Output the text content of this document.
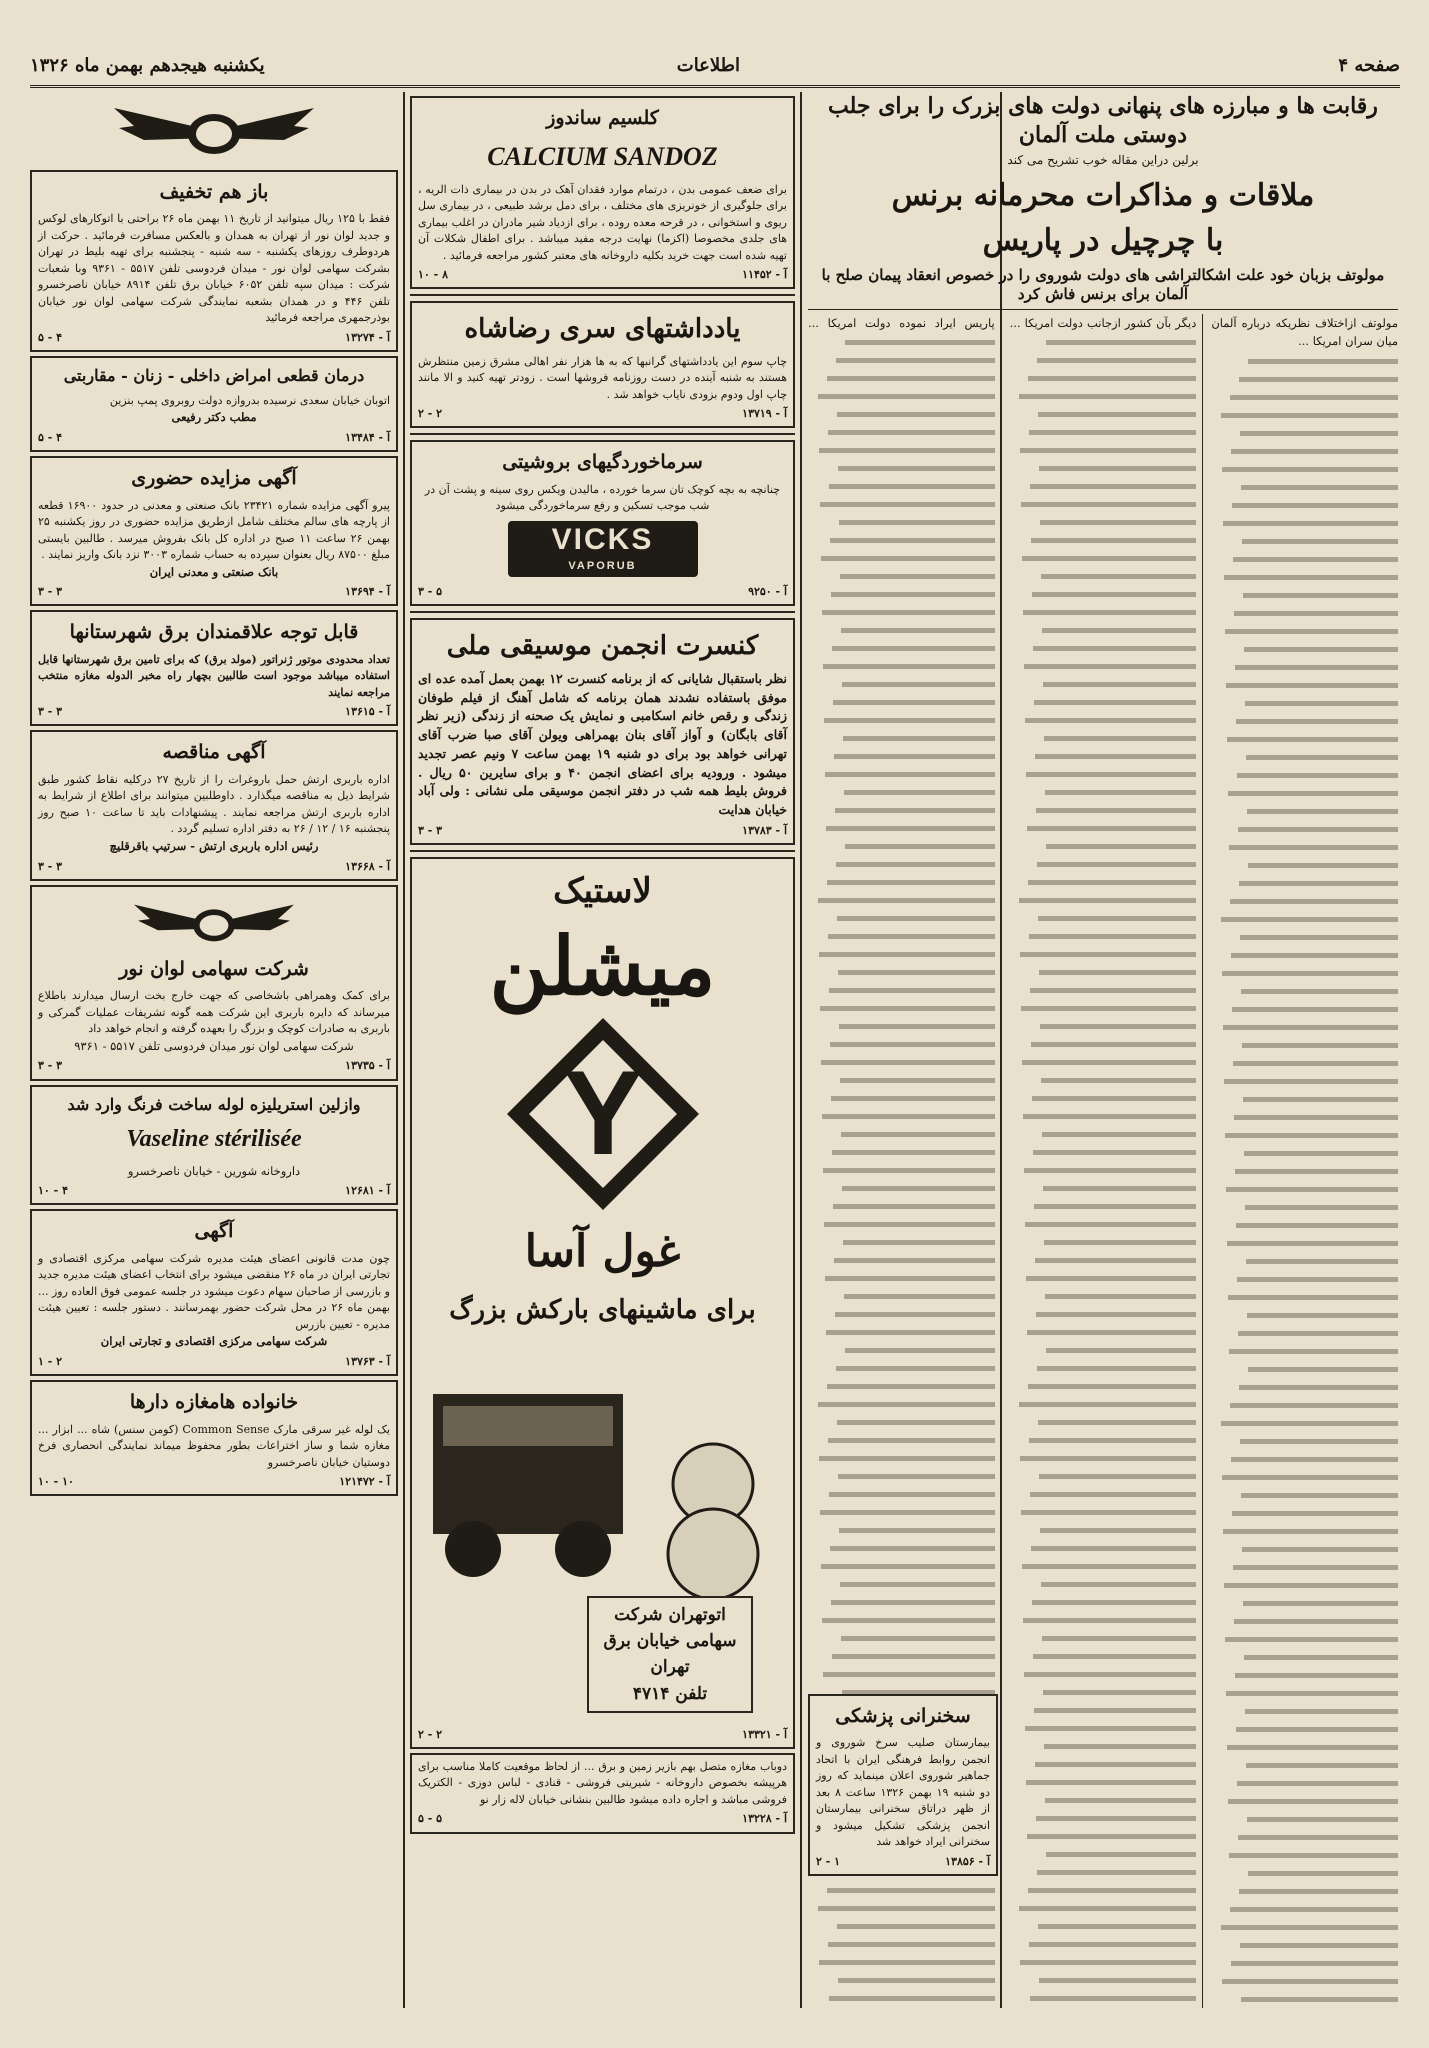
صفحه ۴
اطلاعات
یکشنبه هیجدهم بهمن ماه ۱۳۲۶
رقابت ها و مبارزه های پنهانی دولت های بزرک را برای جلب دوستی ملت آلمان
برلین دراین مقاله خوب تشریح می کند
ملاقات و مذاکرات محرمانه برنس
با چرچیل در پاریس
مولوتف بزبان خود علت اشکالتراشی های دولت شوروی را در خصوص انعقاد پیمان صلح با آلمان برای برنس فاش کرد
مولوتف ازاختلاف نظریکه درباره آلمان میان سران امریکا ...
دیگر بآن کشور ازجانب دولت امریکا ...
پاریس ایراد نموده دولت امریکا ...
کلسیم ساندوز
CALCIUM SANDOZ
برای ضعف عمومی بدن ، درتمام موارد فقدان آهک در بدن در بیماری ذات الریه ، برای جلوگیری از خونریزی های مختلف ، برای دمل برشد طبیعی ، در بیماری سل ریوی و استخوانی ، در قرحه معده روده ، برای ازدیاد شیر مادران در اغلب بیماری های جلدی مخصوصا (اکزما) نهایت درجه مفید میباشد . برای اطفال شکلات آن تهیه شده است جهت خرید بکلیه داروخانه های معتبر کشور مراجعه فرمائید .
آ - ۱۱۴۵۲
۸ - ۱۰
یادداشتهای سری رضاشاه
چاپ سوم این یادداشتهای گرانبها که به ها هزار نفر اهالی مشرق زمین منتظرش هستند به شنبه آینده در دست روزنامه فروشها است . زودتر تهیه کنید و الا مانند چاپ اول ودوم بزودی نایاب خواهد شد .
آ - ۱۳۷۱۹
۲ - ۲
سرماخوردگیهای بروشیتی
چنانچه به بچه کوچک تان سرما خورده ، مالیدن ویکس روی سینه و پشت آن در شب موجب تسکین و رفع سرماخوردگی میشود
VICKS
VAPORUB
آ - ۹۲۵۰
۵ - ۳
کنسرت انجمن موسیقی ملی
نظر باستقبال شایانی که از برنامه کنسرت ۱۲ بهمن بعمل آمده عده ای موفق باستفاده نشدند همان برنامه که شامل آهنگ از فیلم طوفان زندگی و رقص خانم اسکامبی و نمایش یک صحنه از زندگی (زیر نظر آقای بابگان) و آواز آقای بنان بهمراهی ویولن آقای صبا ضرب آقای تهرانی خواهد بود برای دو شنبه ۱۹ بهمن ساعت ۷ ونیم عصر تجدید میشود . ورودیه برای اعضای انجمن ۴۰ و برای سایرین ۵۰ ریال . فروش بلیط همه شب در دفتر انجمن موسیقی ملی نشانی : ولی آباد خیابان هدایت
آ - ۱۳۷۸۳
۳ - ۳
لاستیک
میشلن
Y
غول آسا
برای ماشینهای بارکش بزرگ
اتوتهران شرکت سهامی خیابان برق تهران
تلفن ۴۷۱۴
آ - ۱۳۳۲۱
۲ - ۲
دوباب مغازه متصل بهم بازیر زمین و برق ... از لحاظ موقعیت کاملا مناسب برای هرپیشه بخصوص داروخانه - شیرینی فروشی - قنادی - لباس دوزی - الکتریک فروشی مباشد و اجاره داده میشود طالبین بنشانی خیابان لاله زار نو
آ - ۱۳۲۲۸
۵ - ۵
سخنرانی پزشکی
بیمارستان صلیب سرخ شوروی و انجمن روابط فرهنگی ایران با اتحاد جماهیر شوروی اعلان مینماید که روز دو شنبه ۱۹ بهمن ۱۳۲۶ ساعت ۸ بعد از ظهر دراتاق سخنرانی بیمارستان انجمن پزشکی تشکیل میشود و سخنرانی ایراد خواهد شد
آ - ۱۳۸۵۶
۱ - ۲
باز هم تخفیف
فقط با ۱۲۵ ریال میتوانید از تاریخ ۱۱ بهمن ماه ۲۶ براحتی با اتوکارهای لوکس و جدید لوان نور از تهران به همدان و بالعکس مسافرت فرمائید . حرکت از هردوطرف روزهای یکشنبه - سه شنبه - پنجشنبه برای تهیه بلیط در تهران بشرکت سهامی لوان نور - میدان فردوسی تلفن ۵۵۱۷ - ۹۳۶۱ وبا شعبات شرکت : میدان سپه تلفن ۶۰۵۲ خیابان برق تلفن ۸۹۱۴ خیابان ناصرخسرو تلفن ۴۴۶ و در همدان بشعبه نمایندگی شرکت سهامی لوان نور خیابان بوذرجمهری مراجعه فرمائید
آ - ۱۳۲۷۴
۴ - ۵
درمان قطعی امراض داخلی - زنان - مقاربتی
اتوبان خیابان سعدی نرسیده بدروازه دولت روبروی پمپ بنزین
مطب دکتر رفیعی
آ - ۱۳۴۸۴
۴ - ۵
آگهی مزایده حضوری
پیرو آگهی مزایده شماره ۲۳۴۲۱ بانک صنعتی و معدنی در حدود ۱۶۹۰۰ قطعه از پارچه های سالم مختلف شامل ازطریق مزایده حضوری در روز یکشنبه ۲۵ بهمن ۲۶ ساعت ۱۱ صبح در اداره کل بانک بفروش میرسد . طالبین بایستی مبلغ ۸۷۵۰۰ ریال بعنوان سپرده به حساب شماره ۳۰۰۳ نزد بانک واریز نمایند .
بانک صنعتی و معدنی ایران
آ - ۱۳۶۹۴
۳ - ۳
قابل توجه علاقمندان برق شهرستانها
تعداد محدودی موتور ژنراتور (مولد برق) که برای تامین برق شهرستانها قابل استفاده میباشد موجود است طالبین بچهار راه مخبر الدوله مغازه منتخب مراجعه نمایند
آ - ۱۳۶۱۵
۳ - ۳
آگهی مناقصه
اداره باربری ارتش حمل باروغرات را از تاریخ ۲۷ درکلیه نقاط کشور طبق شرایط ذیل به مناقصه میگذارد . داوطلبین میتوانند برای اطلاع از شرایط به اداره باربری ارتش مراجعه نمایند . پیشنهادات باید تا ساعت ۱۰ صبح روز پنجشنبه ۱۶ / ۱۲ / ۲۶ به دفتر اداره تسلیم گردد .
رئیس اداره باربری ارتش - سرتیپ باقرقلیچ
آ - ۱۳۶۶۸
۳ - ۳
شرکت سهامی لوان نور
برای کمک وهمراهی باشخاصی که جهت خارج بخت ارسال میدارند باطلاع میرساند که دایره باربری این شرکت همه گونه تشریفات عملیات گمرکی و باربری به صادرات کوچک و بزرگ را بعهده گرفته و انجام خواهد داد
شرکت سهامی لوان نور میدان فردوسی تلفن ۵۵۱۷ - ۹۳۶۱
آ - ۱۳۷۳۵
۳ - ۳
وازلین استریلیزه لوله ساخت فرنگ وارد شد
Vaseline stérilisée
داروخانه شورین - خیابان ناصرخسرو
آ - ۱۲۶۸۱
۴ - ۱۰
آگهی
چون مدت قانونی اعضای هیئت مدیره شرکت سهامی مرکزی اقتصادی و تجارتی ایران در ماه ۲۶ منقضی میشود برای انتخاب اعضای هیئت مدیره جدید و بازرسی از صاحبان سهام دعوت میشود در جلسه عمومی فوق العاده روز ... بهمن ماه ۲۶ در محل شرکت حضور بهمرسانند . دستور جلسه : تعیین هیئت مدیره - تعیین بازرس
شرکت سهامی مرکزی اقتصادی و تجارتی ایران
آ - ۱۳۷۶۳
۲ - ۱
خانواده هامغازه دارها
یک لوله غیر سرقی مارک Common Sense (کومن سنس) شاه ... ابزار ... مغازه شما و ساز اختراعات بطور محفوظ میماند نمایندگی انحصاری فرخ دوستیان خیابان ناصرخسرو
آ - ۱۲۱۴۷۲
۱۰ - ۱۰
